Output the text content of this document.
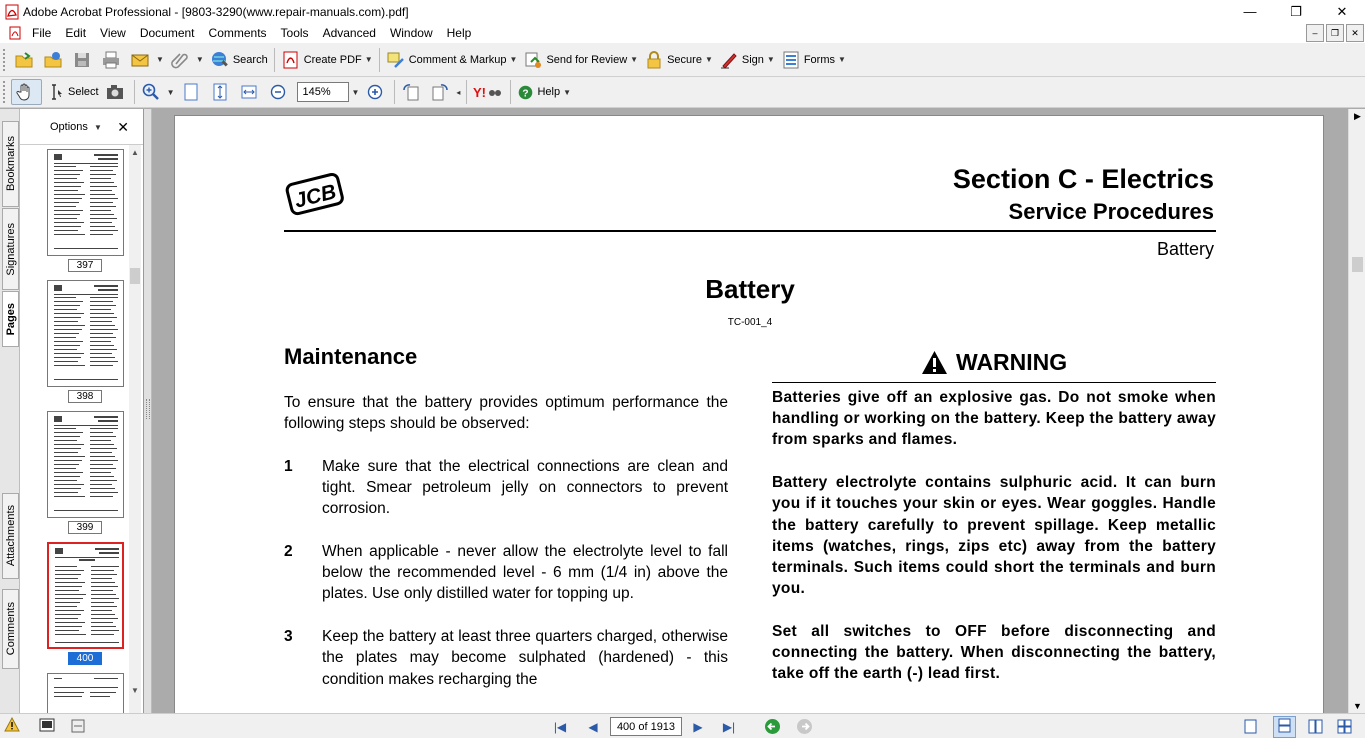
Adobe Acrobat Professional - [9803-3290(www.repair-manuals.com).pdf]	—	❐	✕
File	Edit	View	Document	Comments	Tools	Advanced	Window	Help	–	❐	✕
▼	▼	Search	Create PDF ▼	Comment & Markup ▼	Send for Review ▼	Secure ▼	Sign ▼	Forms ▼
Select	▼	145%	▼	◂ Y!	? Help ▼
Bookmarks
Signatures
Pages
Attachments
Comments
Options ▼ ✕
397
398
399
400
▲
▼
JCB
Section C - Electrics
Service Procedures
Battery
Battery
TC-001_4
Maintenance

To ensure that the battery provides optimum performance the following steps should be observed:

1 Make sure that the electrical connections are clean and tight. Smear petroleum jelly on connectors to prevent corrosion.
2 When applicable - never allow the electrolyte level to fall below the recommended level - 6 mm (1/4 in) above the plates. Use only distilled water for topping up.
3 Keep the battery at least three quarters charged, otherwise the plates may become sulphated (hardened) - this condition makes recharging the
WARNING

Batteries give off an explosive gas. Do not smoke when handling or working on the battery. Keep the battery away from sparks and flames.

Battery electrolyte contains sulphuric acid. It can burn you if it touches your skin or eyes. Wear goggles. Handle the battery carefully to prevent spillage. Keep metallic items (watches, rings, zips etc) away from the battery terminals. Such items could short the terminals and burn you.

Set all switches to OFF before disconnecting and connecting the battery. When disconnecting the battery, take off the earth (-) lead first.

▶
▼
|◀ ◀	400 of 1913	▶ ▶|
